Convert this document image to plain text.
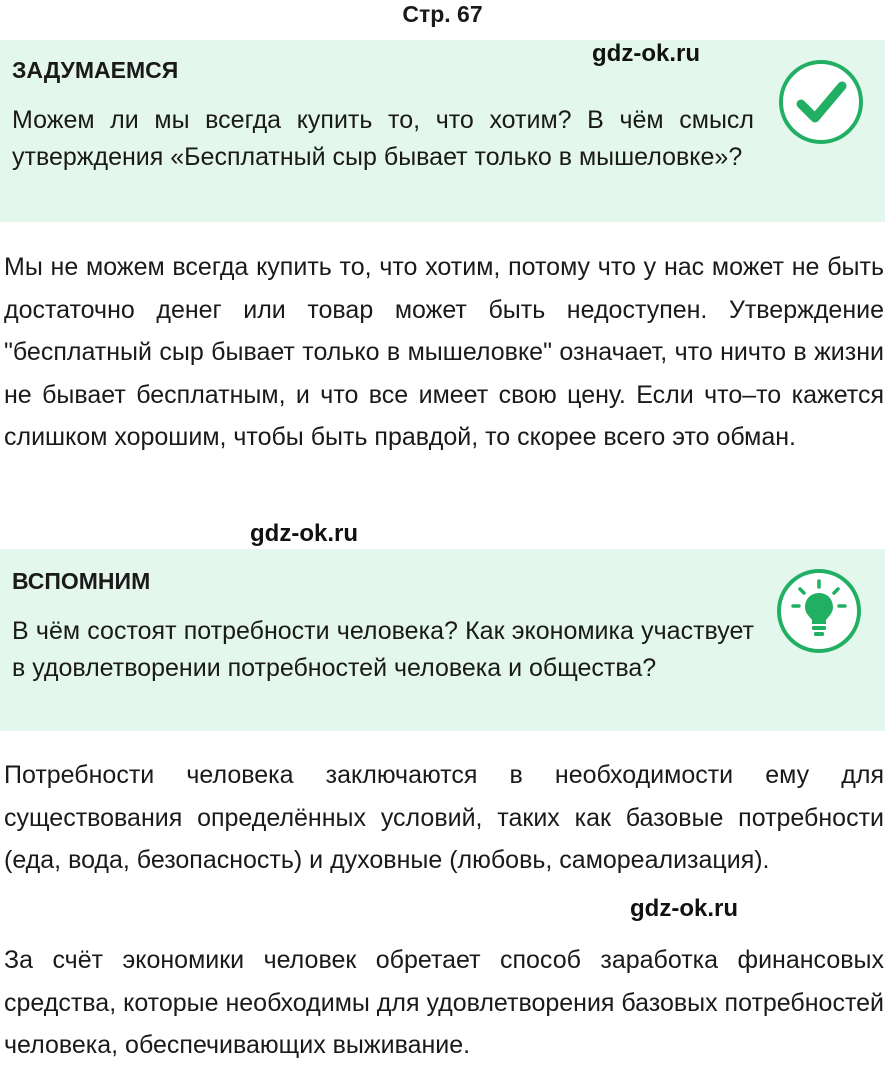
Стр. 67
ЗАДУМАЕМСЯ
Можем ли мы всегда купить то, что хотим? В чём смысл утверждения «Бесплатный сыр бывает только в мышеловке»?
gdz-ok.ru

Мы не можем всегда купить то, что хотим, потому что у нас может не быть достаточно денег или товар может быть недоступен. Утверждение "бесплатный сыр бывает только в мышеловке" означает, что ничто в жизни не бывает бесплатным, и что все имеет свою цену. Если что–то кажется слишком хорошим, чтобы быть правдой, то скорее всего это обман.

gdz-ok.ru
ВСПОМНИМ
В чём состоят потребности человека? Как экономика участвует в удовлетворении потребностей человека и общества?

Потребности человека заключаются в необходимости ему для существования определённых условий, таких как базовые потребности (еда, вода, безопасность) и духовные (любовь, самореализация).

gdz-ok.ru

За счёт экономики человек обретает способ заработка финансовых средства, которые необходимы для удовлетворения базовых потребностей человека, обеспечивающих выживание.
